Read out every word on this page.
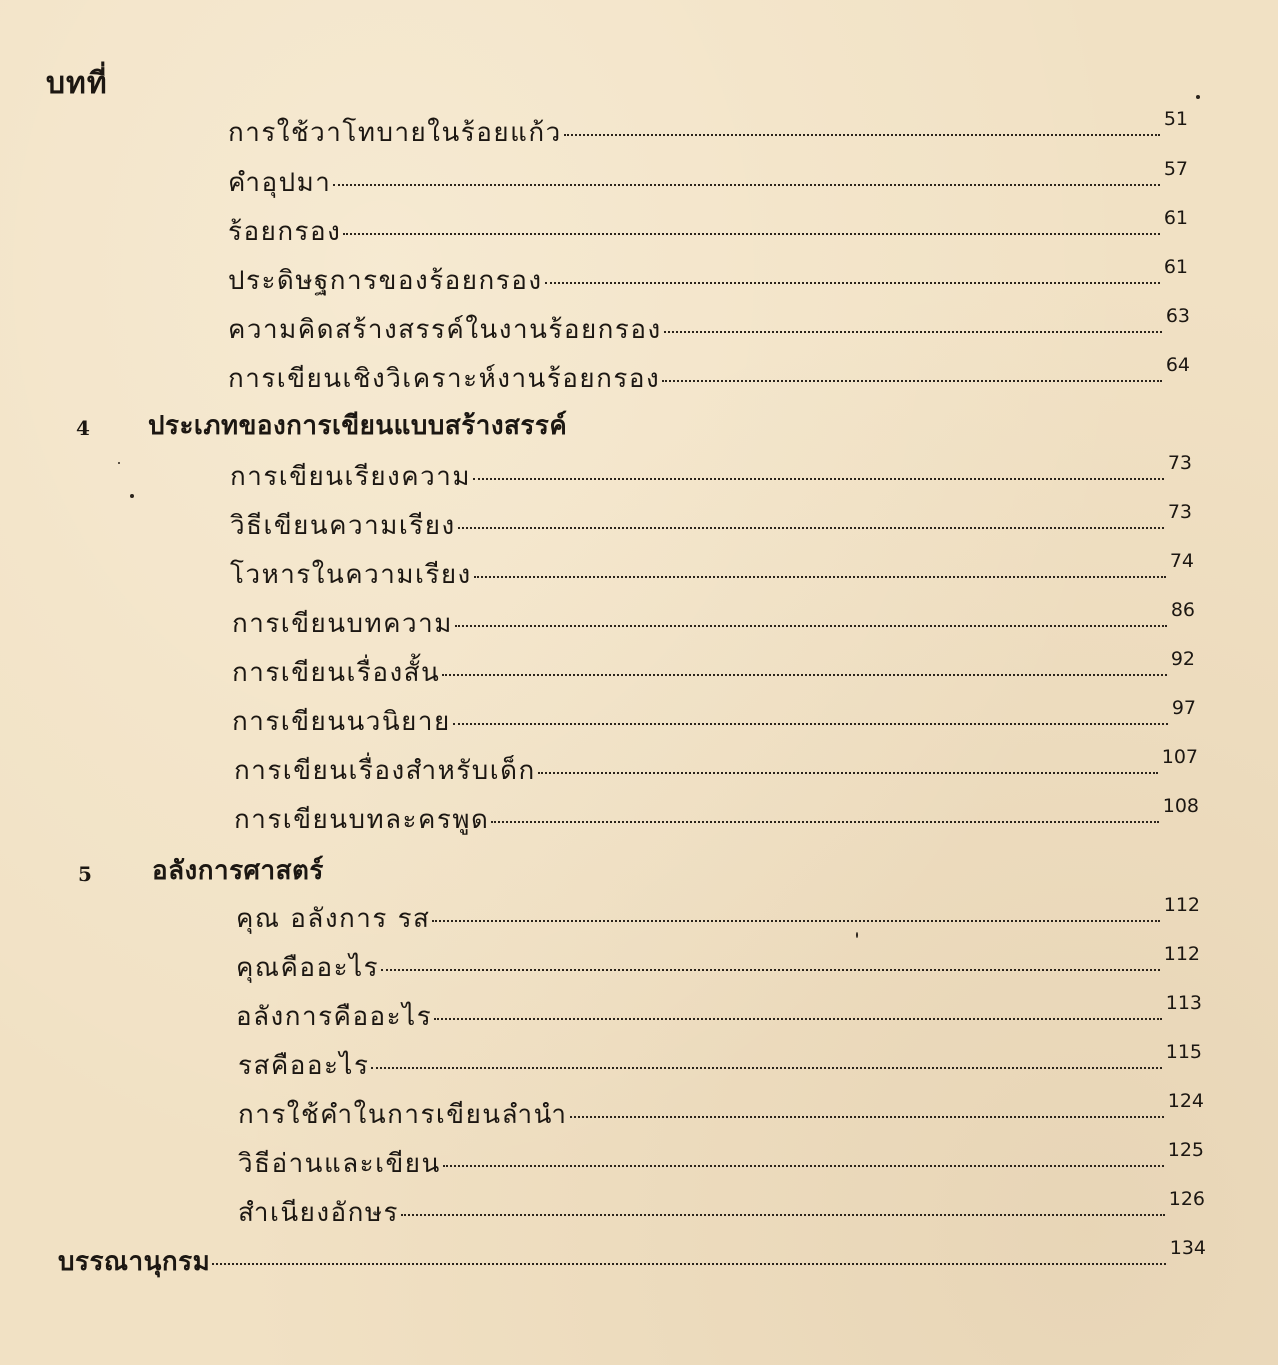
บทที่
การใช้วาโทบายในร้อยแก้ว	51
คำอุปมา	57
ร้อยกรอง	61
ประดิษฐการของร้อยกรอง	61
ความคิดสร้างสรรค์ในงานร้อยกรอง	63
การเขียนเชิงวิเคราะห์งานร้อยกรอง	64
4 ประเภทของการเขียนแบบสร้างสรรค์
การเขียนเรียงความ	73
วิธีเขียนความเรียง	73
โวหารในความเรียง	74
การเขียนบทความ	86
การเขียนเรื่องสั้น	92
การเขียนนวนิยาย	97
การเขียนเรื่องสำหรับเด็ก	107
การเขียนบทละครพูด	108
5 อลังการศาสตร์
คุณ อลังการ รส	112
คุณคืออะไร	112
อลังการคืออะไร	113
รสคืออะไร	115
การใช้คำในการเขียนลำนำ	124
วิธีอ่านและเขียน	125
สำเนียงอักษร	126
บรรณานุกรม	134
